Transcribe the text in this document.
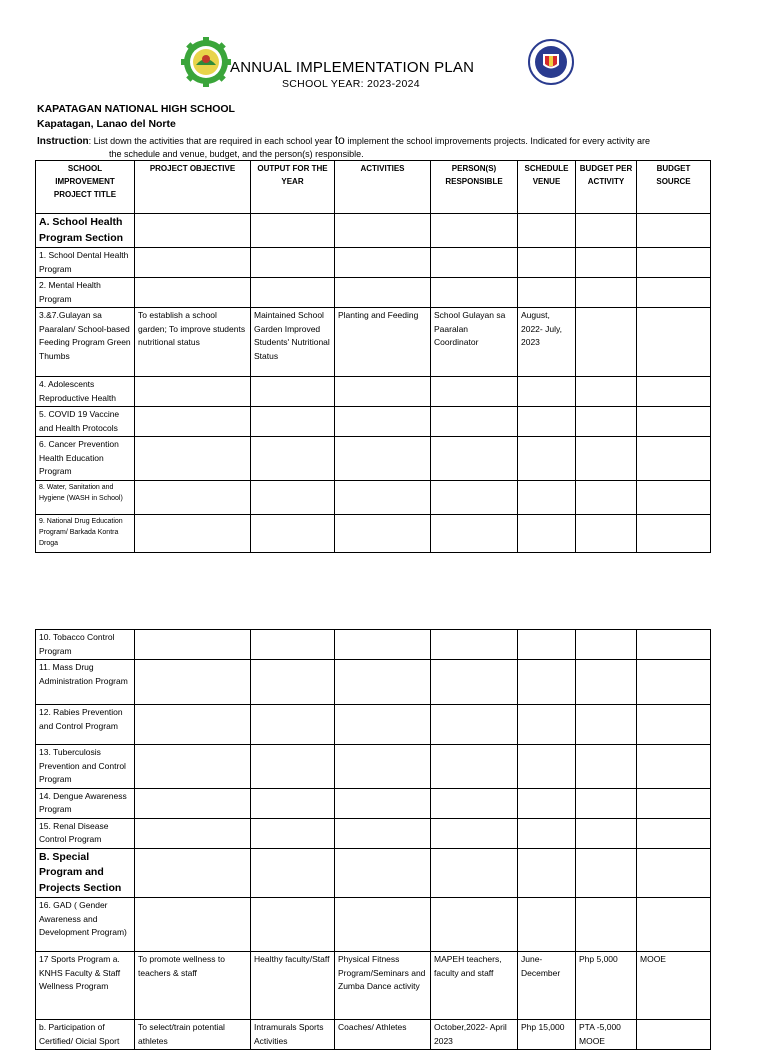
ANNUAL IMPLEMENTATION PLAN
SCHOOL YEAR: 2023-2024
KAPATAGAN NATIONAL HIGH SCHOOL
Kapatagan, Lanao del Norte
Instruction: List down the activities that are required in each school year to implement the school improvements projects. Indicated for every activity are
the schedule and venue, budget, and the person(s) responsible.
SCHOOL IMPROVEMENT PROJECT TITLE	PROJECT OBJECTIVE	OUTPUT FOR THE YEAR	ACTIVITIES	PERSON(S) RESPONSIBLE	SCHEDULE VENUE	BUDGET PER ACTIVITY	BUDGET SOURCE
A. School Health Program Section							
1. School Dental Health Program							
2. Mental Health Program							
3.&7.Gulayan sa Paaralan/ School-based Feeding Program Green Thumbs	To establish a school garden; To improve students nutritional status	Maintained School Garden Improved Students' Nutritional Status	Planting and Feeding	School Gulayan sa Paaralan Coordinator	August, 2022- July, 2023		
4. Adolescents Reproductive Health							
5. COVID 19 Vaccine and Health Protocols							
6. Cancer Prevention Health Education Program							
8. Water, Sanitation and Hygiene (WASH in School)							
9. National Drug Education Program/ Barkada Kontra Droga							
10. Tobacco Control Program							
11. Mass Drug Administration Program							
12. Rabies Prevention and Control Program							
13. Tuberculosis Prevention and Control Program							
14. Dengue Awareness Program							
15. Renal Disease Control Program							
B. Special Program and Projects Section							
16. GAD ( Gender Awareness and Development Program)							
17 Sports Program a. KNHS Faculty & Staff Wellness Program	To promote wellness to teachers & staff	Healthy faculty/Staff	Physical Fitness Program/Seminars and Zumba Dance activity	MAPEH teachers, faculty and staff	June- December	Php 5,000	MOOE
b. Participation of Certified/ Oicial Sport	To select/train potential athletes	Intramurals Sports Activities	Coaches/ Athletes	October,2022- April 2023	Php 15,000	PTA -5,000 MOOE	
